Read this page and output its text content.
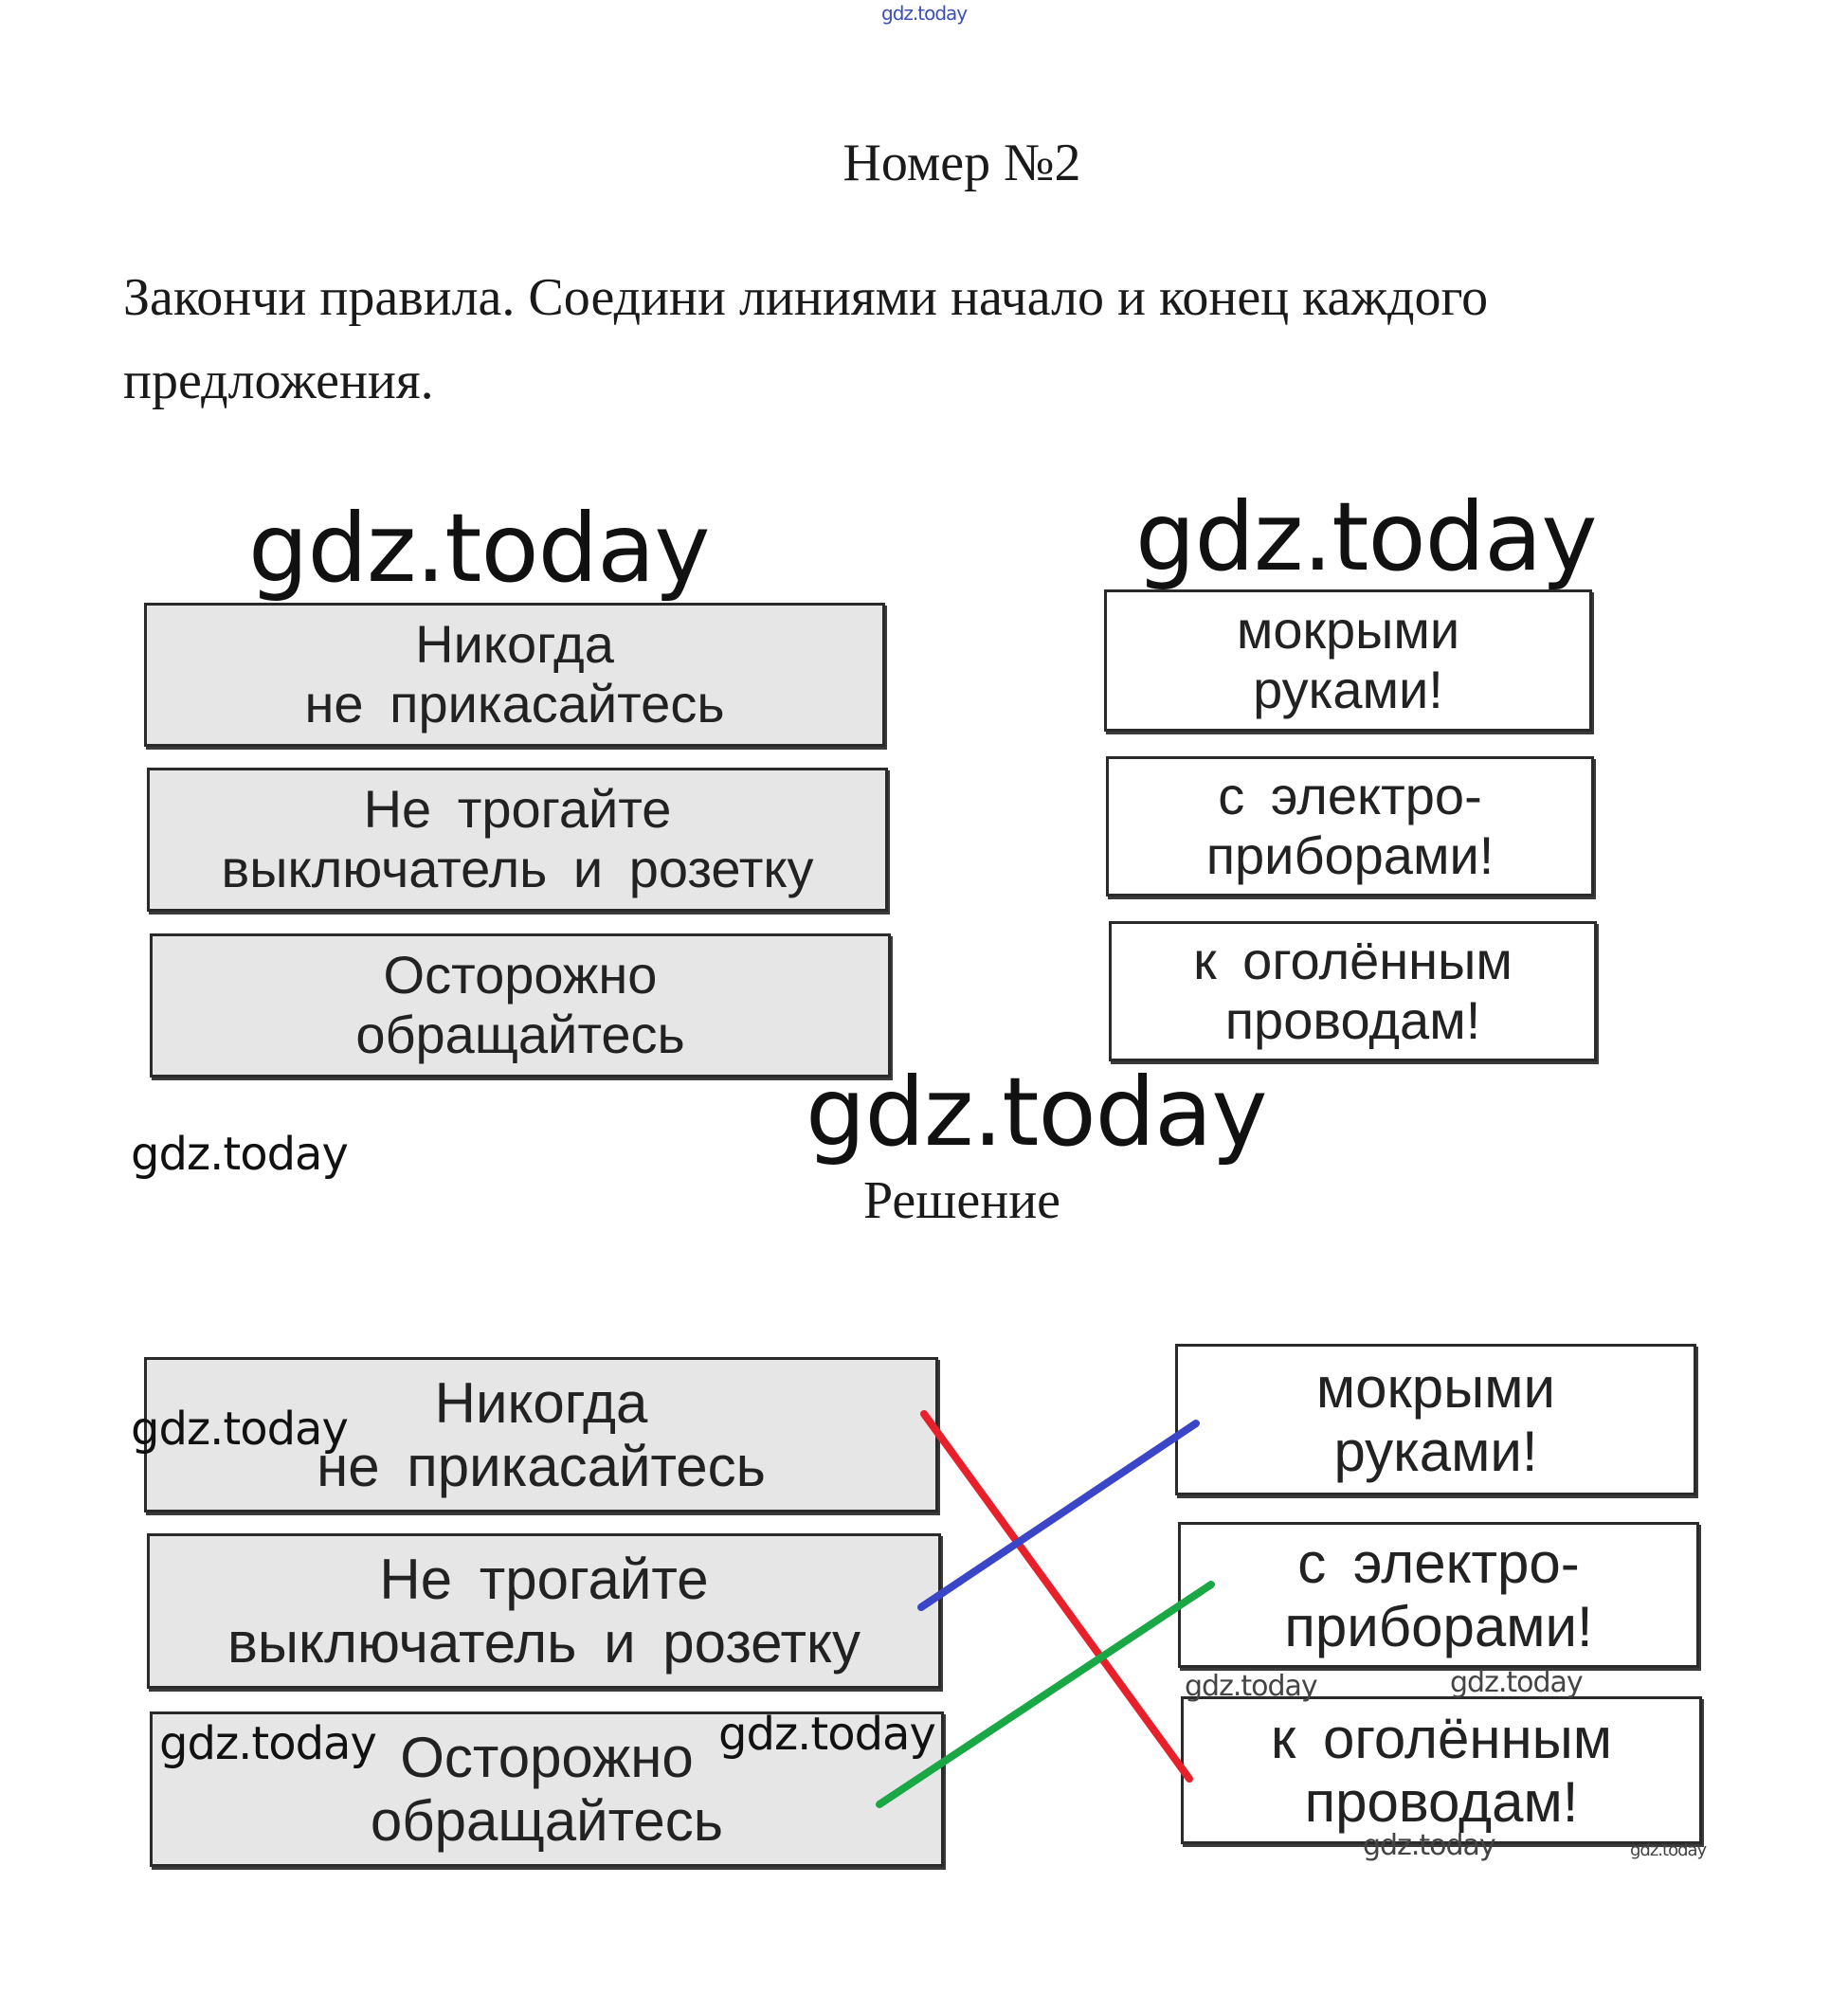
gdz.today
Номер №2
Закончи правила. Соедини линиями начало и конец каждого
предложения.
Никогда
не прикасайтесь
Не трогайте
выключатель и розетку
Осторожно
обращайтесь
мокрыми
руками!
с электро-
приборами!
к оголённым
проводам!
gdz.today	gdz.today
gdz.today
gdz.today
Решение
Никогда
не прикасайтесь
Не трогайте
выключатель и розетку
Осторожно
обращайтесь
мокрыми
руками!
с электро-
приборами!
к оголённым
проводам!
gdz.today
gdz.today	gdz.today
gdz.today	gdz.today
gdz.today	gdz.today
